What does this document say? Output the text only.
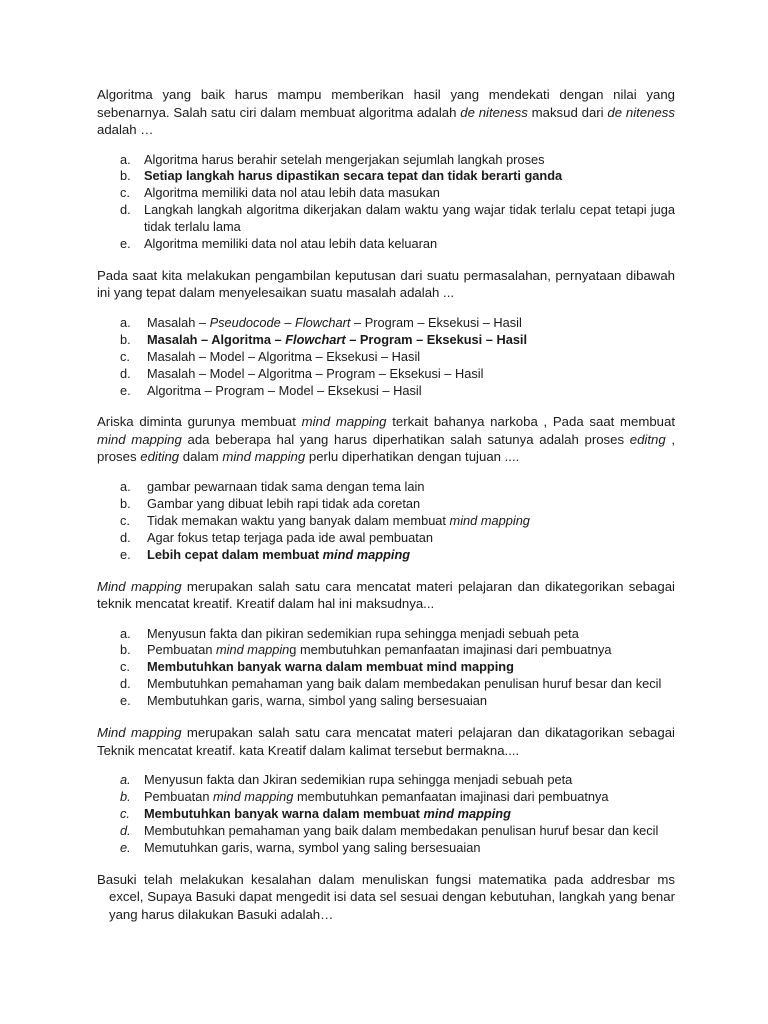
Algoritma yang baik harus mampu memberikan hasil yang mendekati dengan nilai yang sebenarnya. Salah satu ciri dalam membuat algoritma adalah de niteness maksud dari de niteness adalah …

a.	Algoritma harus berahir setelah mengerjakan sejumlah langkah proses
b.	Setiap langkah harus dipastikan secara tepat dan tidak berarti ganda
c.	Algoritma memiliki data nol atau lebih data masukan
d.	Langkah langkah algoritma dikerjakan dalam waktu yang wajar tidak terlalu cepat tetapi juga tidak terlalu lama
e.	Algoritma memiliki data nol atau lebih data keluaran

Pada saat kita melakukan pengambilan keputusan dari suatu permasalahan, pernyataan dibawah ini yang tepat dalam menyelesaikan suatu masalah adalah ...

a.	Masalah – Pseudocode – Flowchart – Program – Eksekusi – Hasil
b.	Masalah – Algoritma – Flowchart – Program – Eksekusi – Hasil
c.	Masalah – Model – Algoritma – Eksekusi – Hasil
d.	Masalah – Model – Algoritma – Program – Eksekusi – Hasil
e.	Algoritma – Program – Model – Eksekusi – Hasil

Ariska diminta gurunya membuat mind mapping terkait bahanya narkoba , Pada saat membuat mind mapping ada beberapa hal yang harus diperhatikan salah satunya adalah proses editng , proses editing dalam mind mapping perlu diperhatikan dengan tujuan ....

a.	gambar pewarnaan tidak sama dengan tema lain
b.	Gambar yang dibuat lebih rapi tidak ada coretan
c.	Tidak memakan waktu yang banyak dalam membuat mind mapping
d.	Agar fokus tetap terjaga pada ide awal pembuatan
e.	Lebih cepat dalam membuat mind mapping

Mind mapping merupakan salah satu cara mencatat materi pelajaran dan dikategorikan sebagai teknik mencatat kreatif. Kreatif dalam hal ini maksudnya...

a.	Menyusun fakta dan pikiran sedemikian rupa sehingga menjadi sebuah peta
b.	Pembuatan mind mapping membutuhkan pemanfaatan imajinasi dari pembuatnya
c.	Membutuhkan banyak warna dalam membuat mind mapping
d.	Membutuhkan pemahaman yang baik dalam membedakan penulisan huruf besar dan kecil
e.	Membutuhkan garis, warna, simbol yang saling bersesuaian

Mind mapping merupakan salah satu cara mencatat materi pelajaran dan dikatagorikan sebagai Teknik mencatat kreatif. kata Kreatif dalam kalimat tersebut bermakna....

a.	Menyusun fakta dan Jkiran sedemikian rupa sehingga menjadi sebuah peta
b.	Pembuatan mind mapping membutuhkan pemanfaatan imajinasi dari pembuatnya
c.	Membutuhkan banyak warna dalam membuat mind mapping
d.	Membutuhkan pemahaman yang baik dalam membedakan penulisan huruf besar dan kecil
e.	Memutuhkan garis, warna, symbol yang saling bersesuaian

Basuki telah melakukan kesalahan dalam menuliskan fungsi matematika pada addresbar ms excel, Supaya Basuki dapat mengedit isi data sel sesuai dengan kebutuhan, langkah yang benar yang harus dilakukan Basuki adalah…
